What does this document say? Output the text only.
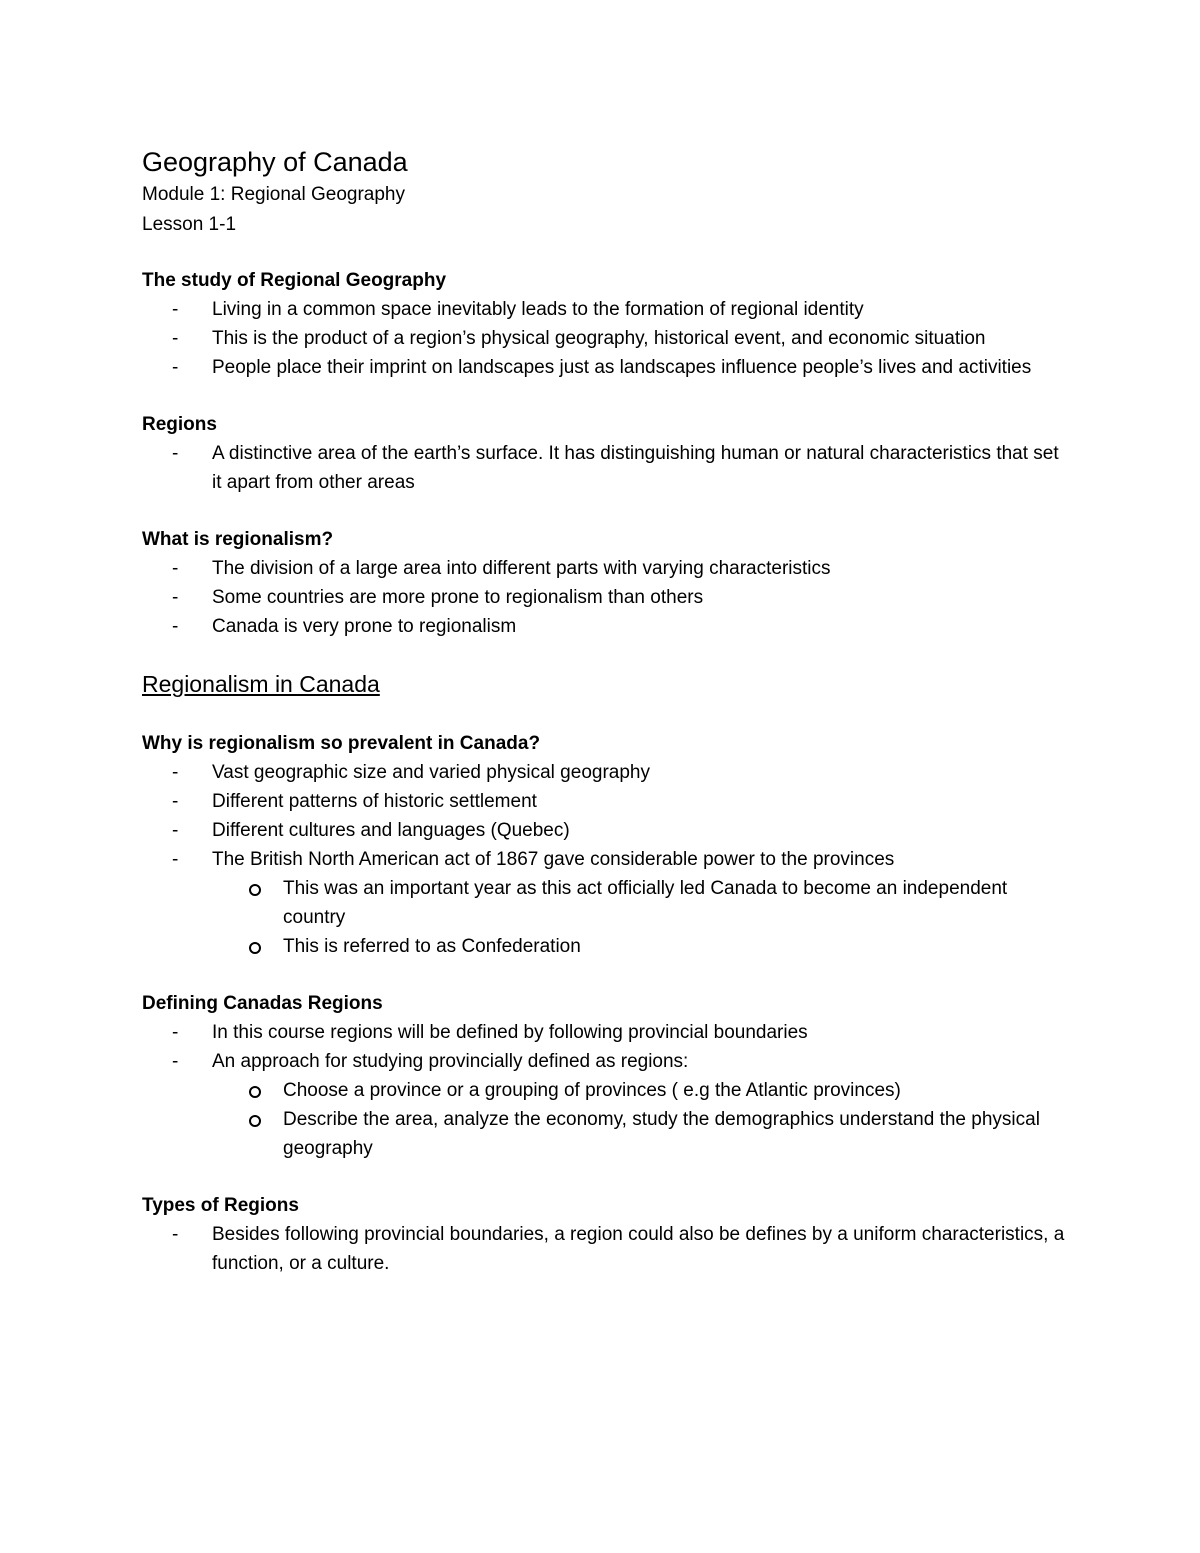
Geography of Canada

Module 1: Regional Geography

Lesson 1-1

The study of Regional Geography

-	Living in a common space inevitably leads to the formation of regional identity
-	This is the product of a region’s physical geography, historical event, and economic situation
-	People place their imprint on landscapes just as landscapes influence people’s lives and activities

Regions

-	A distinctive area of the earth’s surface. It has distinguishing human or natural characteristics that set it apart from other areas

What is regionalism?

-	The division of a large area into different parts with varying characteristics
-	Some countries are more prone to regionalism than others
-	Canada is very prone to regionalism

Regionalism in Canada

Why is regionalism so prevalent in Canada?

-	Vast geographic size and varied physical geography
-	Different patterns of historic settlement
-	Different cultures and languages (Quebec)
-	The British North American act of 1867 gave considerable power to the provinces
This was an important year as this act officially led Canada to become an independent country
This is referred to as Confederation

Defining Canadas Regions

-	In this course regions will be defined by following provincial boundaries
-	An approach for studying provincially defined as regions:
Choose a province or a grouping of provinces ( e.g the Atlantic provinces)
Describe the area, analyze the economy, study the demographics understand the physical geography

Types of Regions

-	Besides following provincial boundaries, a region could also be defines by a uniform characteristics, a function, or a culture.
